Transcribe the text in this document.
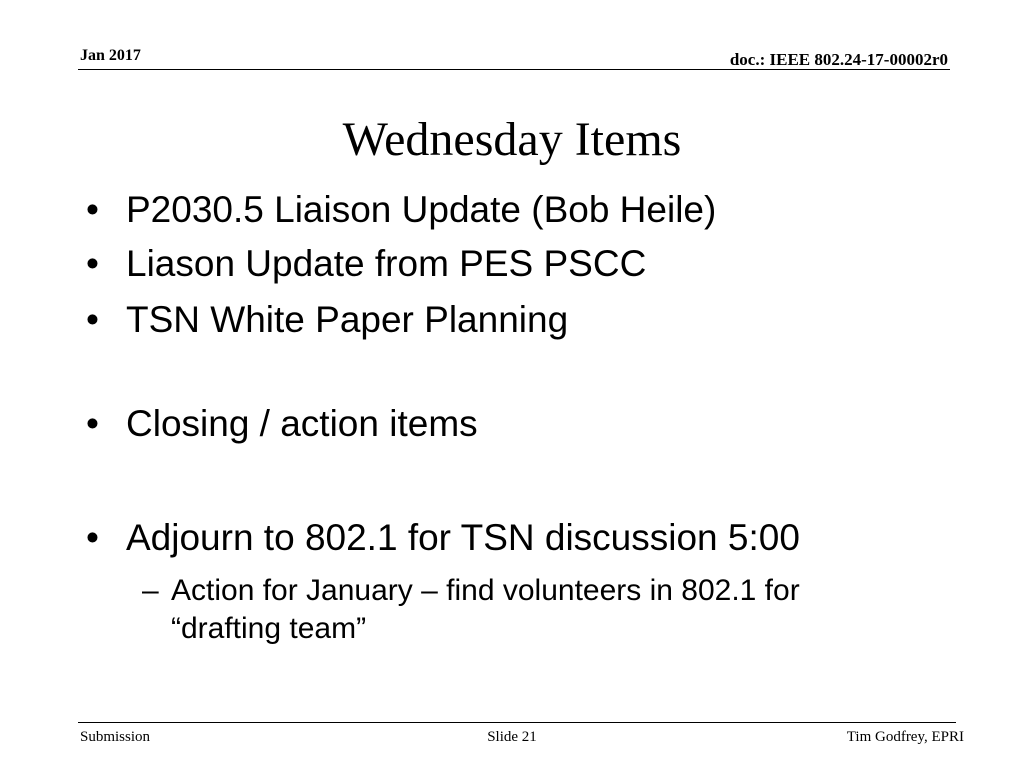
Jan 2017	doc.: IEEE 802.24-17-00002r0
Wednesday Items
• P2030.5 Liaison Update (Bob Heile)
• Liason Update from PES PSCC
• TSN White Paper Planning
• Closing / action items
• Adjourn to 802.1 for TSN discussion 5:00
– Action for January – find volunteers in 802.1 for “drafting team”
Submission	Slide 21	Tim Godfrey, EPRI
